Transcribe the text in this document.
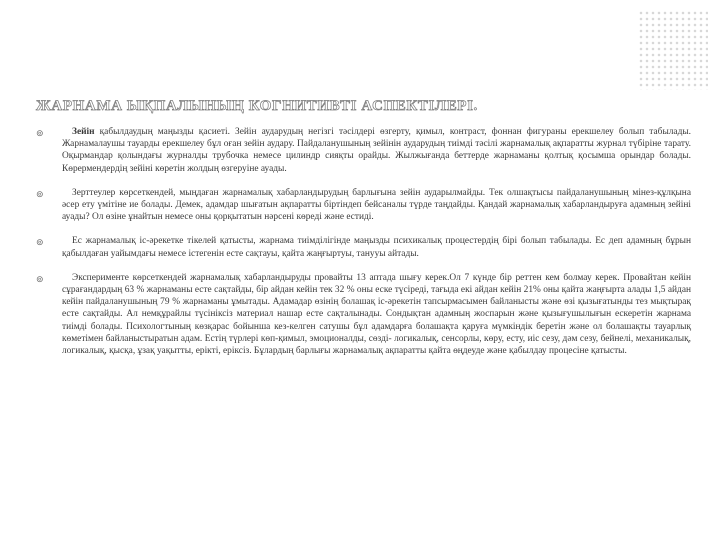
ЖАРНАМА ЫҚПАЛЫНЫҢ КОГНИТИВТІ АСПЕКТІЛЕРІ.
⊚	Зейін қабылдаудың маңызды қасиеті. Зейін аударудың негізгі тәсілдері өзгерту, қимыл, контраст, фоннан фигураны ерекшелеу болып табылады. Жарнамалаушы тауарды ерекшелеу бұл оған зейін аудару. Пайдаланушының зейінін аударудың тиімді тәсілі жарнамалық ақпаратты журнал түбіріне тарату. Оқырмандар қолындағы журналды трубочка немесе цилиндр сияқты орайды. Жылжығанда беттерде жарнаманы қолтық қосымша орындар болады. Көрермендердің зейіні көретін жолдың өзгеруіне ауады.
⊚	Зерттеулер көрсеткендей, мыңдаған жарнамалық хабарландырудың барлығына зейін аударылмайды. Тек олшақтысы пайдаланушының мінез-құлқына әсер ету үмітіне ие болады. Демек, адамдар шығатын ақпаратты біртіндеп бейсаналы түрде таңдайды. Қандай жарнамалық хабарландыруға адамның зейіні ауады? Ол өзіне ұнайтын немесе оны қорқытатын нәрсені көреді және естиді.
⊚	Ес жарнамалық іс-әрекетке тікелей қатысты, жарнама тиімділігінде маңызды психикалық процестердің бірі болып табылады. Ес деп адамның бұрын қабылдаған уайымдағы немесе істегенін есте сақтауы, қайта жаңғыртуы, танууы айтады.
⊚	Эксперименте көрсеткендей жарнамалық хабарландыруды провайты 13 аптада шығу керек.Ол 7 күнде бір реттен кем болмау керек. Провайтан кейін сұрағандардың 63 % жарнаманы есте сақтайды, бір айдан кейін тек 32 % оны еске түсіреді, тағыда екі айдан кейін 21% оны қайта жаңғырта алады 1,5 айдан кейін пайдаланушының 79 % жарнаманы ұмытады. Адамадар өзінің болашақ іс-әрекетін тапсырмасымен байланысты және өзі қызығатынды тез мықтырақ есте сақтайды. Ал немқұрайлы түсініксіз материал нашар есте сақталынады. Сондықтан адамның жоспарын және қызығушылығын ескеретін жарнама тиімді болады. Психологтының көзқарас бойынша кез-келген сатушы бұл адамдарға болашақта қаруға мүмкіндік беретін және ол болашақты тауарлық көметімен байланыстыратын адам. Естің түрлері көп-қимыл, эмоционалды, сөзді- логикалық, сенсорлы, көру, есту, иіс сезу, дәм сезу, бейнелі, механикалық, логикалық, қысқа, ұзақ уақытты, ерікті, еріксіз. Бұлардың барлығы жарнамалық ақпаратты қайта өңдеуде және қабылдау процесіне қатысты.
